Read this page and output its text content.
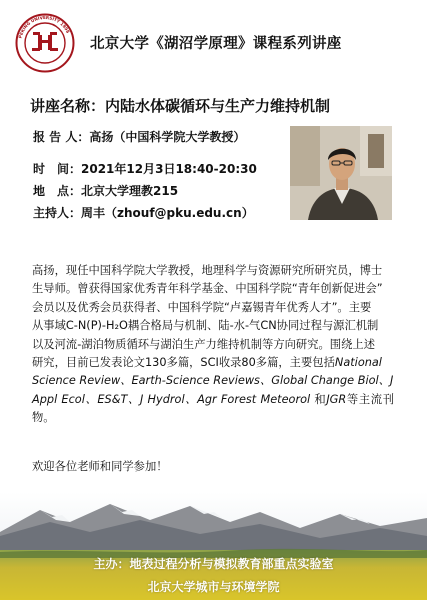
PEKING UNIVERSITY 1898
北京大学《湖沼学原理》课程系列讲座
讲座名称：内陆水体碳循环与生产力维持机制
报 告 人：高扬（中国科学院大学教授）
时　间：2021年12月3日18:40-20:30
地　点：北京大学理教215
主持人：周丰（zhouf@pku.edu.cn）
高扬，现任中国科学院大学教授，地理科学与资源研究所研究员，博士
生导师。曾获得国家优秀青年科学基金、中国科学院“青年创新促进会”
会员以及优秀会员获得者、中国科学院“卢嘉锡青年优秀人才”。主要
从事域C-N(P)-H₂O耦合格局与机制、陆-水-气CN协同过程与源汇机制
以及河流-湖泊物质循环与湖泊生产力维持机制等方向研究。围绕上述
研究，目前已发表论文130多篇，SCI收录80多篇，主要包括National
Science Review、Earth-Science Reviews、Global Change Biol、J
Appl Ecol、ES&T、J Hydrol、Agr Forest Meteorol 和JGR等主流刊物。
欢迎各位老师和同学参加！
主办：地表过程分析与模拟教育部重点实验室
北京大学城市与环境学院
